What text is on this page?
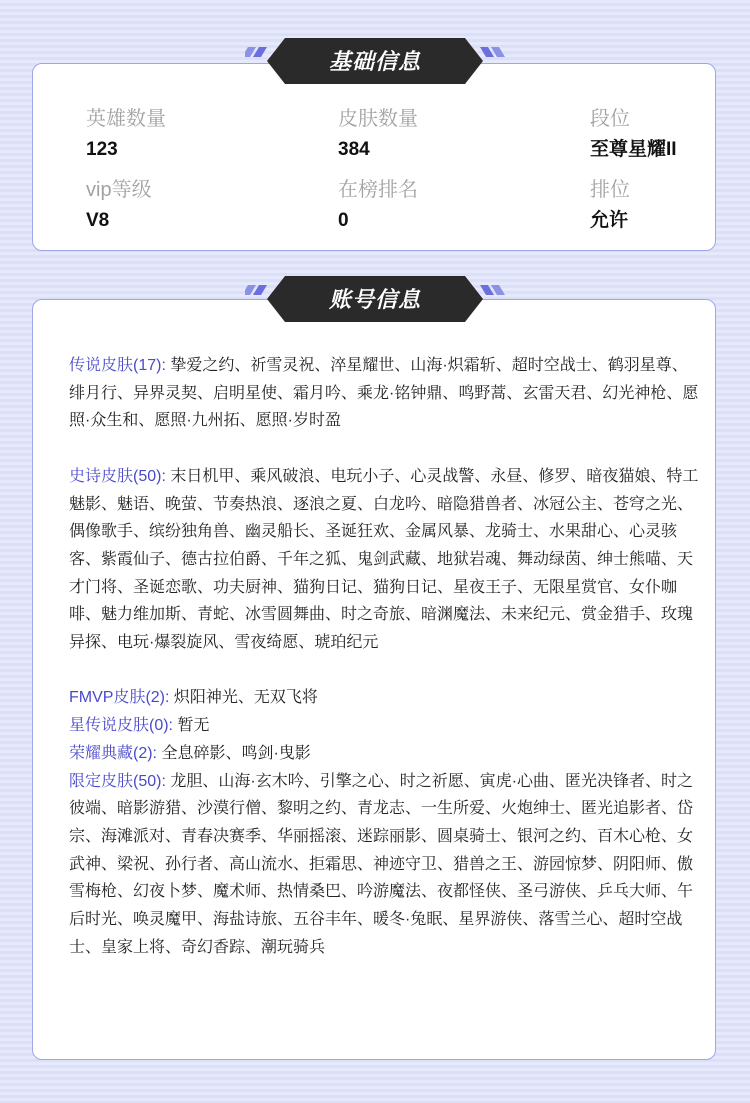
英雄数量
123
皮肤数量
384
段位
至尊星耀II
vip等级
V8
在榜排名
0
排位
允许

传说皮肤(17): 挚爱之约、祈雪灵祝、淬星耀世、山海·炽霜斩、超时空战士、鹤羽星尊、绯月行、异界灵契、启明星使、霜月吟、乘龙·铭钟鼎、鸣野蒿、玄雷天君、幻光神枪、愿照·众生和、愿照·九州拓、愿照·岁时盈

史诗皮肤(50): 末日机甲、乘风破浪、电玩小子、心灵战警、永昼、修罗、暗夜猫娘、特工魅影、魅语、晚萤、节奏热浪、逐浪之夏、白龙吟、暗隐猎兽者、冰冠公主、苍穹之光、偶像歌手、缤纷独角兽、幽灵船长、圣诞狂欢、金属风暴、龙骑士、水果甜心、心灵骇客、紫霞仙子、德古拉伯爵、千年之狐、鬼剑武藏、地狱岩魂、舞动绿茵、绅士熊喵、天才门将、圣诞恋歌、功夫厨神、猫狗日记、猫狗日记、星夜王子、无限星赏官、女仆咖啡、魅力维加斯、青蛇、冰雪圆舞曲、时之奇旅、暗渊魔法、未来纪元、赏金猎手、玫瑰异探、电玩·爆裂旋风、雪夜绮愿、琥珀纪元

FMVP皮肤(2): 炽阳神光、无双飞将

星传说皮肤(0): 暂无

荣耀典藏(2): 全息碎影、鸣剑·曳影

限定皮肤(50): 龙胆、山海·玄木吟、引擎之心、时之祈愿、寅虎·心曲、匿光决锋者、时之彼端、暗影游猎、沙漠行僧、黎明之约、青龙志、一生所爱、火炮绅士、匿光追影者、岱宗、海滩派对、青春决赛季、华丽摇滚、迷踪丽影、圆桌骑士、银河之约、百木心枪、女武神、梁祝、孙行者、高山流水、拒霜思、神迹守卫、猎兽之王、游园惊梦、阴阳师、傲雪梅枪、幻夜卜梦、魔术师、热情桑巴、吟游魔法、夜都怪侠、圣弓游侠、乒乓大师、午后时光、唤灵魔甲、海盐诗旅、五谷丰年、暖冬·兔眠、星界游侠、落雪兰心、超时空战士、皇家上将、奇幻香踪、潮玩骑兵

基础信息
账号信息
